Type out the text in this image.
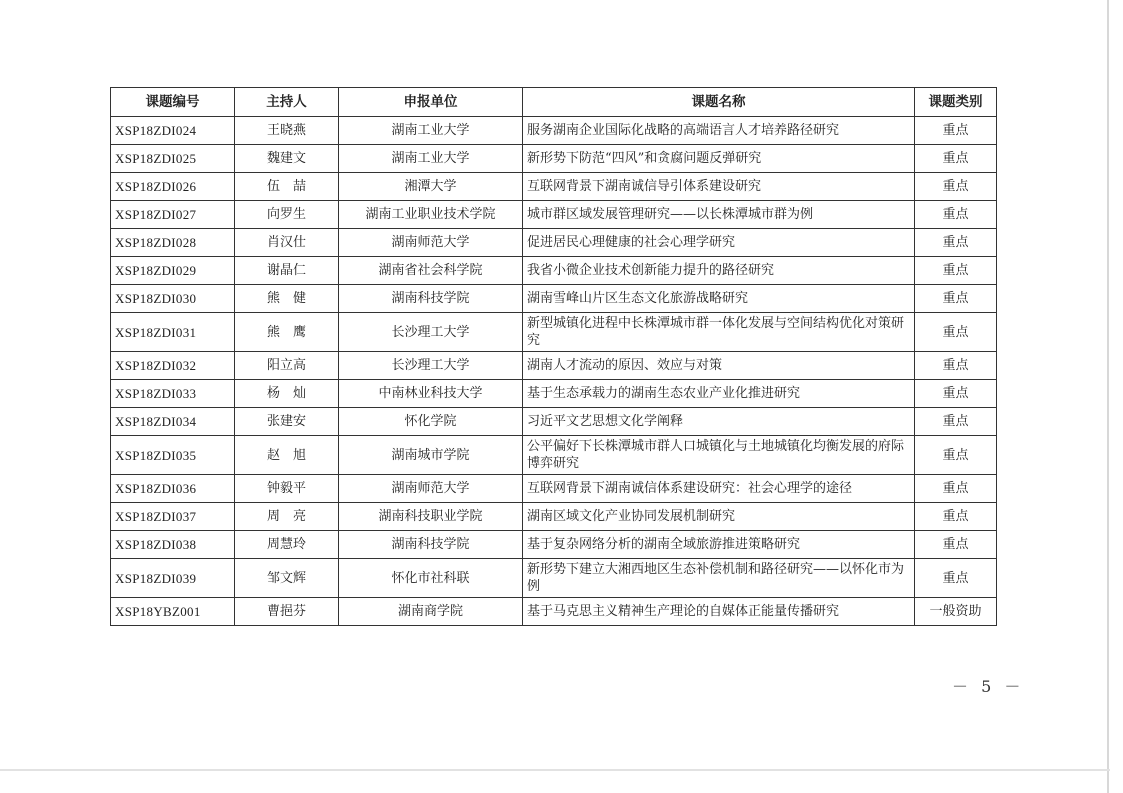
课题编号	主持人	申报单位	课题名称	课题类别
XSP18ZDI024	王晓燕	湖南工业大学	服务湖南企业国际化战略的高端语言人才培养路径研究	重点
XSP18ZDI025	魏建文	湖南工业大学	新形势下防范“四风”和贪腐问题反弹研究	重点
XSP18ZDI026	伍　喆	湘潭大学	互联网背景下湖南诚信导引体系建设研究	重点
XSP18ZDI027	向罗生	湖南工业职业技术学院	城市群区域发展管理研究——以长株潭城市群为例	重点
XSP18ZDI028	肖汉仕	湖南师范大学	促进居民心理健康的社会心理学研究	重点
XSP18ZDI029	谢晶仁	湖南省社会科学院	我省小微企业技术创新能力提升的路径研究	重点
XSP18ZDI030	熊　健	湖南科技学院	湖南雪峰山片区生态文化旅游战略研究	重点
XSP18ZDI031	熊　鹰	长沙理工大学	新型城镇化进程中长株潭城市群一体化发展与空间结构优化对策研究	重点
XSP18ZDI032	阳立高	长沙理工大学	湖南人才流动的原因、效应与对策	重点
XSP18ZDI033	杨　灿	中南林业科技大学	基于生态承载力的湖南生态农业产业化推进研究	重点
XSP18ZDI034	张建安	怀化学院	习近平文艺思想文化学阐释	重点
XSP18ZDI035	赵　旭	湖南城市学院	公平偏好下长株潭城市群人口城镇化与土地城镇化均衡发展的府际博弈研究	重点
XSP18ZDI036	钟毅平	湖南师范大学	互联网背景下湖南诚信体系建设研究：社会心理学的途径	重点
XSP18ZDI037	周　亮	湖南科技职业学院	湖南区域文化产业协同发展机制研究	重点
XSP18ZDI038	周慧玲	湖南科技学院	基于复杂网络分析的湖南全域旅游推进策略研究	重点
XSP18ZDI039	邹文辉	怀化市社科联	新形势下建立大湘西地区生态补偿机制和路径研究——以怀化市为例	重点
XSP18YBZ001	曹挹芬	湖南商学院	基于马克思主义精神生产理论的自媒体正能量传播研究	一般资助
－ 5 －
